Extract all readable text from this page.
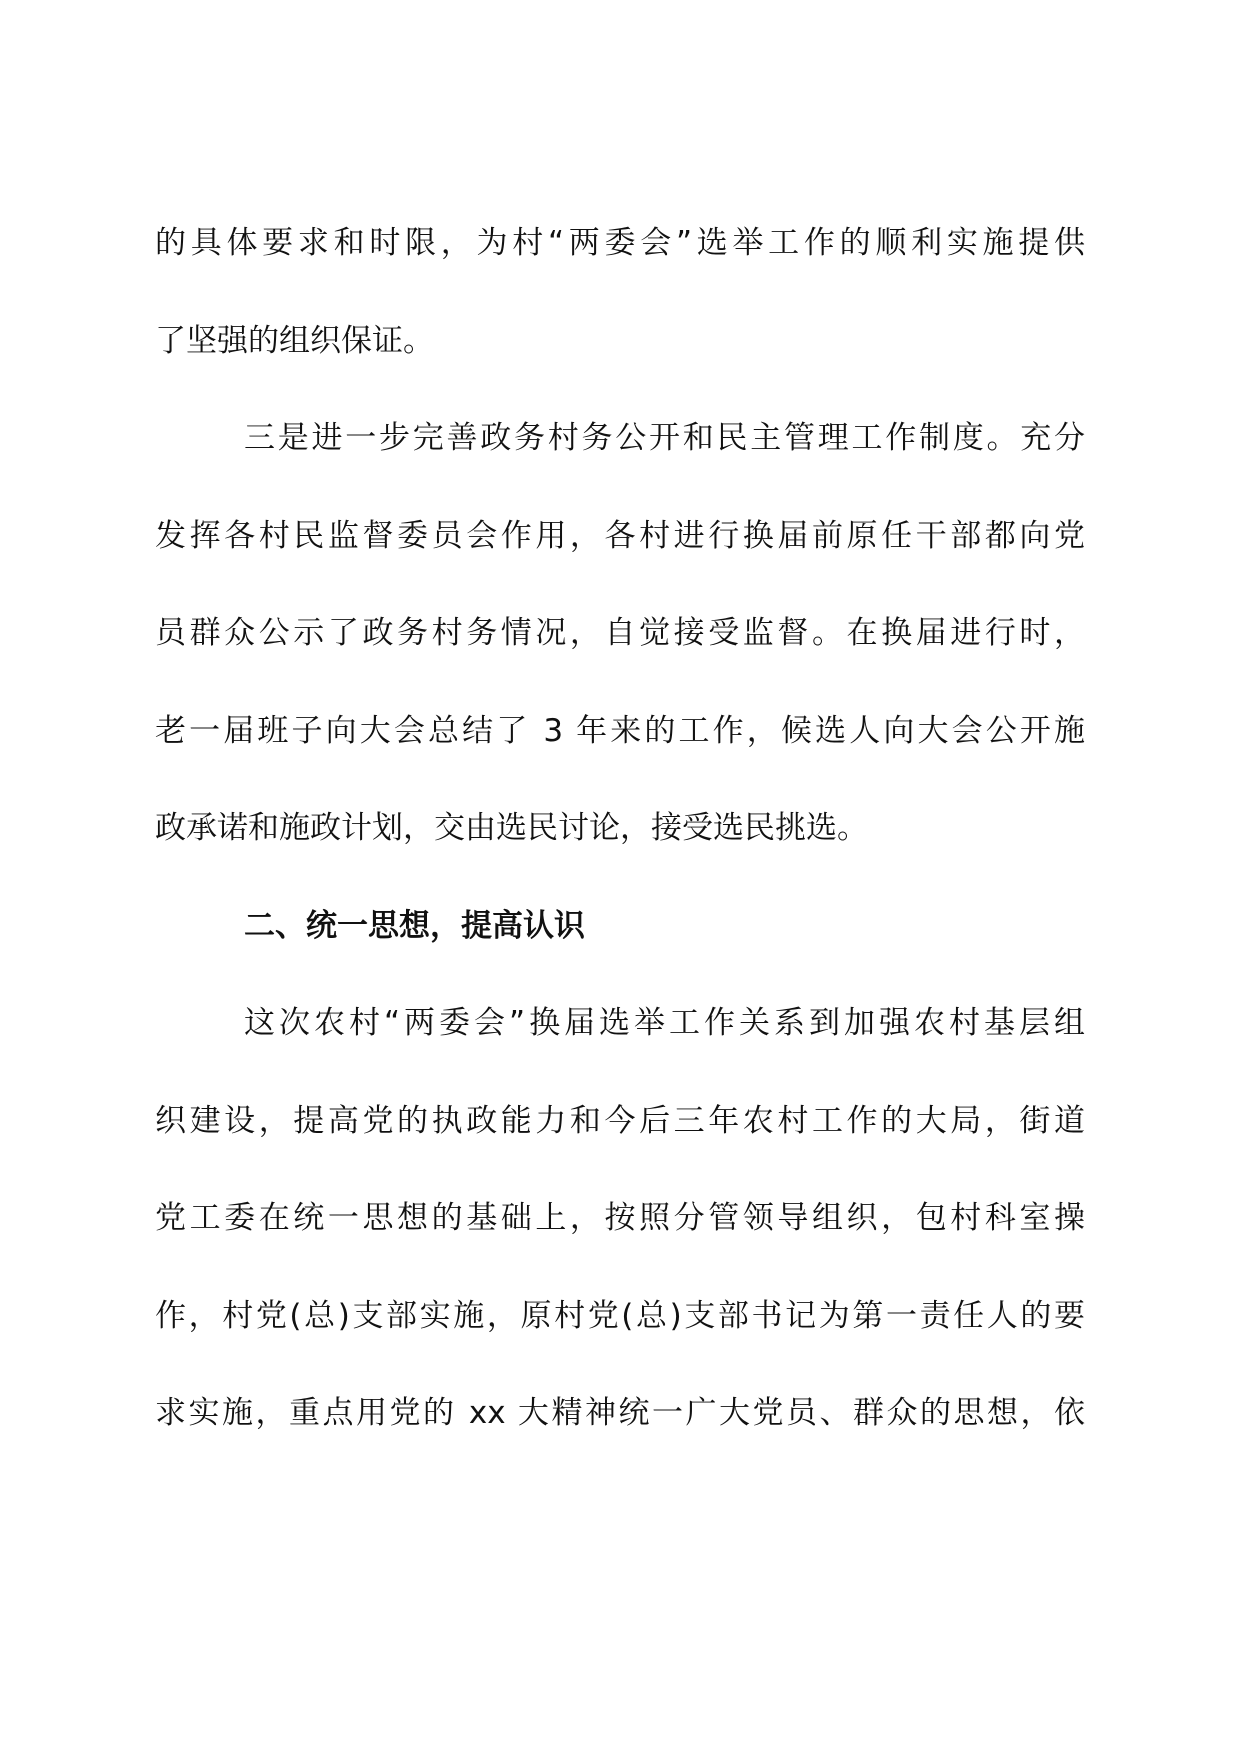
的具体要求和时限，为村“两委会”选举工作的顺利实施提供
了坚强的组织保证。
三是进一步完善政务村务公开和民主管理工作制度。充分
发挥各村民监督委员会作用，各村进行换届前原任干部都向党
员群众公示了政务村务情况，自觉接受监督。在换届进行时，
老一届班子向大会总结了 3 年来的工作，候选人向大会公开施
政承诺和施政计划，交由选民讨论，接受选民挑选。
二、统一思想，提高认识
这次农村“两委会”换届选举工作关系到加强农村基层组
织建设，提高党的执政能力和今后三年农村工作的大局，街道
党工委在统一思想的基础上，按照分管领导组织，包村科室操
作，村党(总)支部实施，原村党(总)支部书记为第一责任人的要
求实施，重点用党的 xx 大精神统一广大党员、群众的思想，依
